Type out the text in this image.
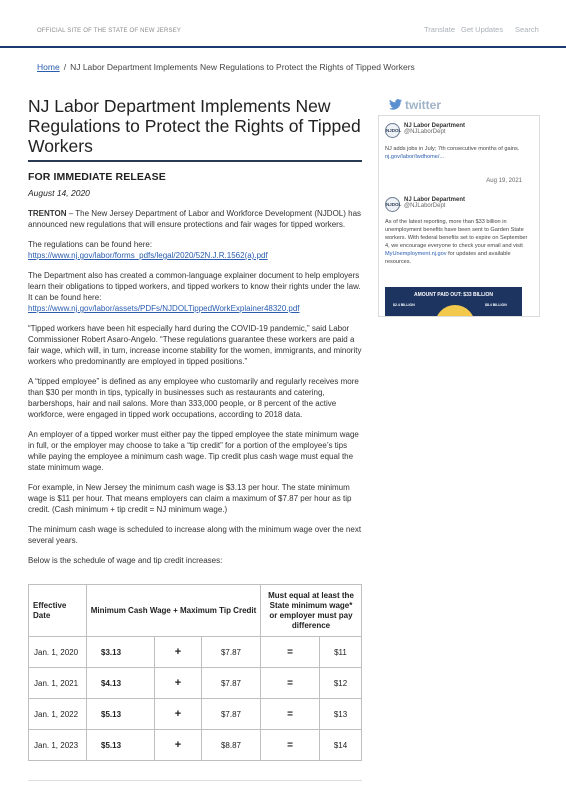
OFFICIAL SITE OF THE STATE OF NEW JERSEY	Translate Get Updates Search
Home / NJ Labor Department Implements New Regulations to Protect the Rights of Tipped Workers
NJ Labor Department Implements New Regulations to Protect the Rights of Tipped Workers
FOR IMMEDIATE RELEASE
August 14, 2020

TRENTON – The New Jersey Department of Labor and Workforce Development (NJDOL) has announced new regulations that will ensure protections and fair wages for tipped workers.

The regulations can be found here:
https://www.nj.gov/labor/forms_pdfs/legal/2020/52N.J.R.1562(a).pdf

The Department also has created a common-language explainer document to help employers learn their obligations to tipped workers, and tipped workers to know their rights under the law. It can be found here:
https://www.nj.gov/labor/assets/PDFs/NJDOLTippedWorkExplainer48320.pdf

“Tipped workers have been hit especially hard during the COVID-19 pandemic,” said Labor Commissioner Robert Asaro-Angelo. “These regulations guarantee these workers are paid a fair wage, which will, in turn, increase income stability for the women, immigrants, and minority workers who predominantly are employed in tipped positions.”

A “tipped employee” is defined as any employee who customarily and regularly receives more than $30 per month in tips, typically in businesses such as restaurants and catering, barbershops, hair and nail salons. More than 333,000 people, or 8 percent of the active workforce, were engaged in tipped work occupations, according to 2018 data.

An employer of a tipped worker must either pay the tipped employee the state minimum wage in full, or the employer may choose to take a “tip credit” for a portion of the employee’s tips while paying the employee a minimum cash wage. Tip credit plus cash wage must equal the state minimum wage.

For example, in New Jersey the minimum cash wage is $3.13 per hour. The state minimum wage is $11 per hour. That means employers can claim a maximum of $7.87 per hour as tip credit. (Cash minimum + tip credit = NJ minimum wage.)

The minimum cash wage is scheduled to increase along with the minimum wage over the next several years.

Below is the schedule of wage and tip credit increases:

Effective Date	Minimum Cash Wage + Maximum Tip Credit			Must equal at least the State minimum wage* or employer must pay difference	
Jan. 1, 2020	$3.13	+	$7.87	=	$11
Jan. 1, 2021	$4.13	+	$7.87	=	$12
Jan. 1, 2022	$5.13	+	$7.87	=	$13
Jan. 1, 2023	$5.13	+	$8.87	=	$14
twitter
NJDOL
NJ Labor Department
@NJLaborDept
NJ adds jobs in July; 7th consecutive months of gains. nj.gov/labor/lwdhome/...
Aug 19, 2021
NJDOL
NJ Labor Department
@NJLaborDept
As of the latest reporting, more than $33 billion in unemployment benefits have been sent to Garden State workers. With federal benefits set to expire on September 4, we encourage everyone to check your email and visit MyUnemployment.nj.gov for updates and available resources.
AMOUNT PAID OUT: $33 BILLION
$2.4 BILLION	$8.4 BILLION
